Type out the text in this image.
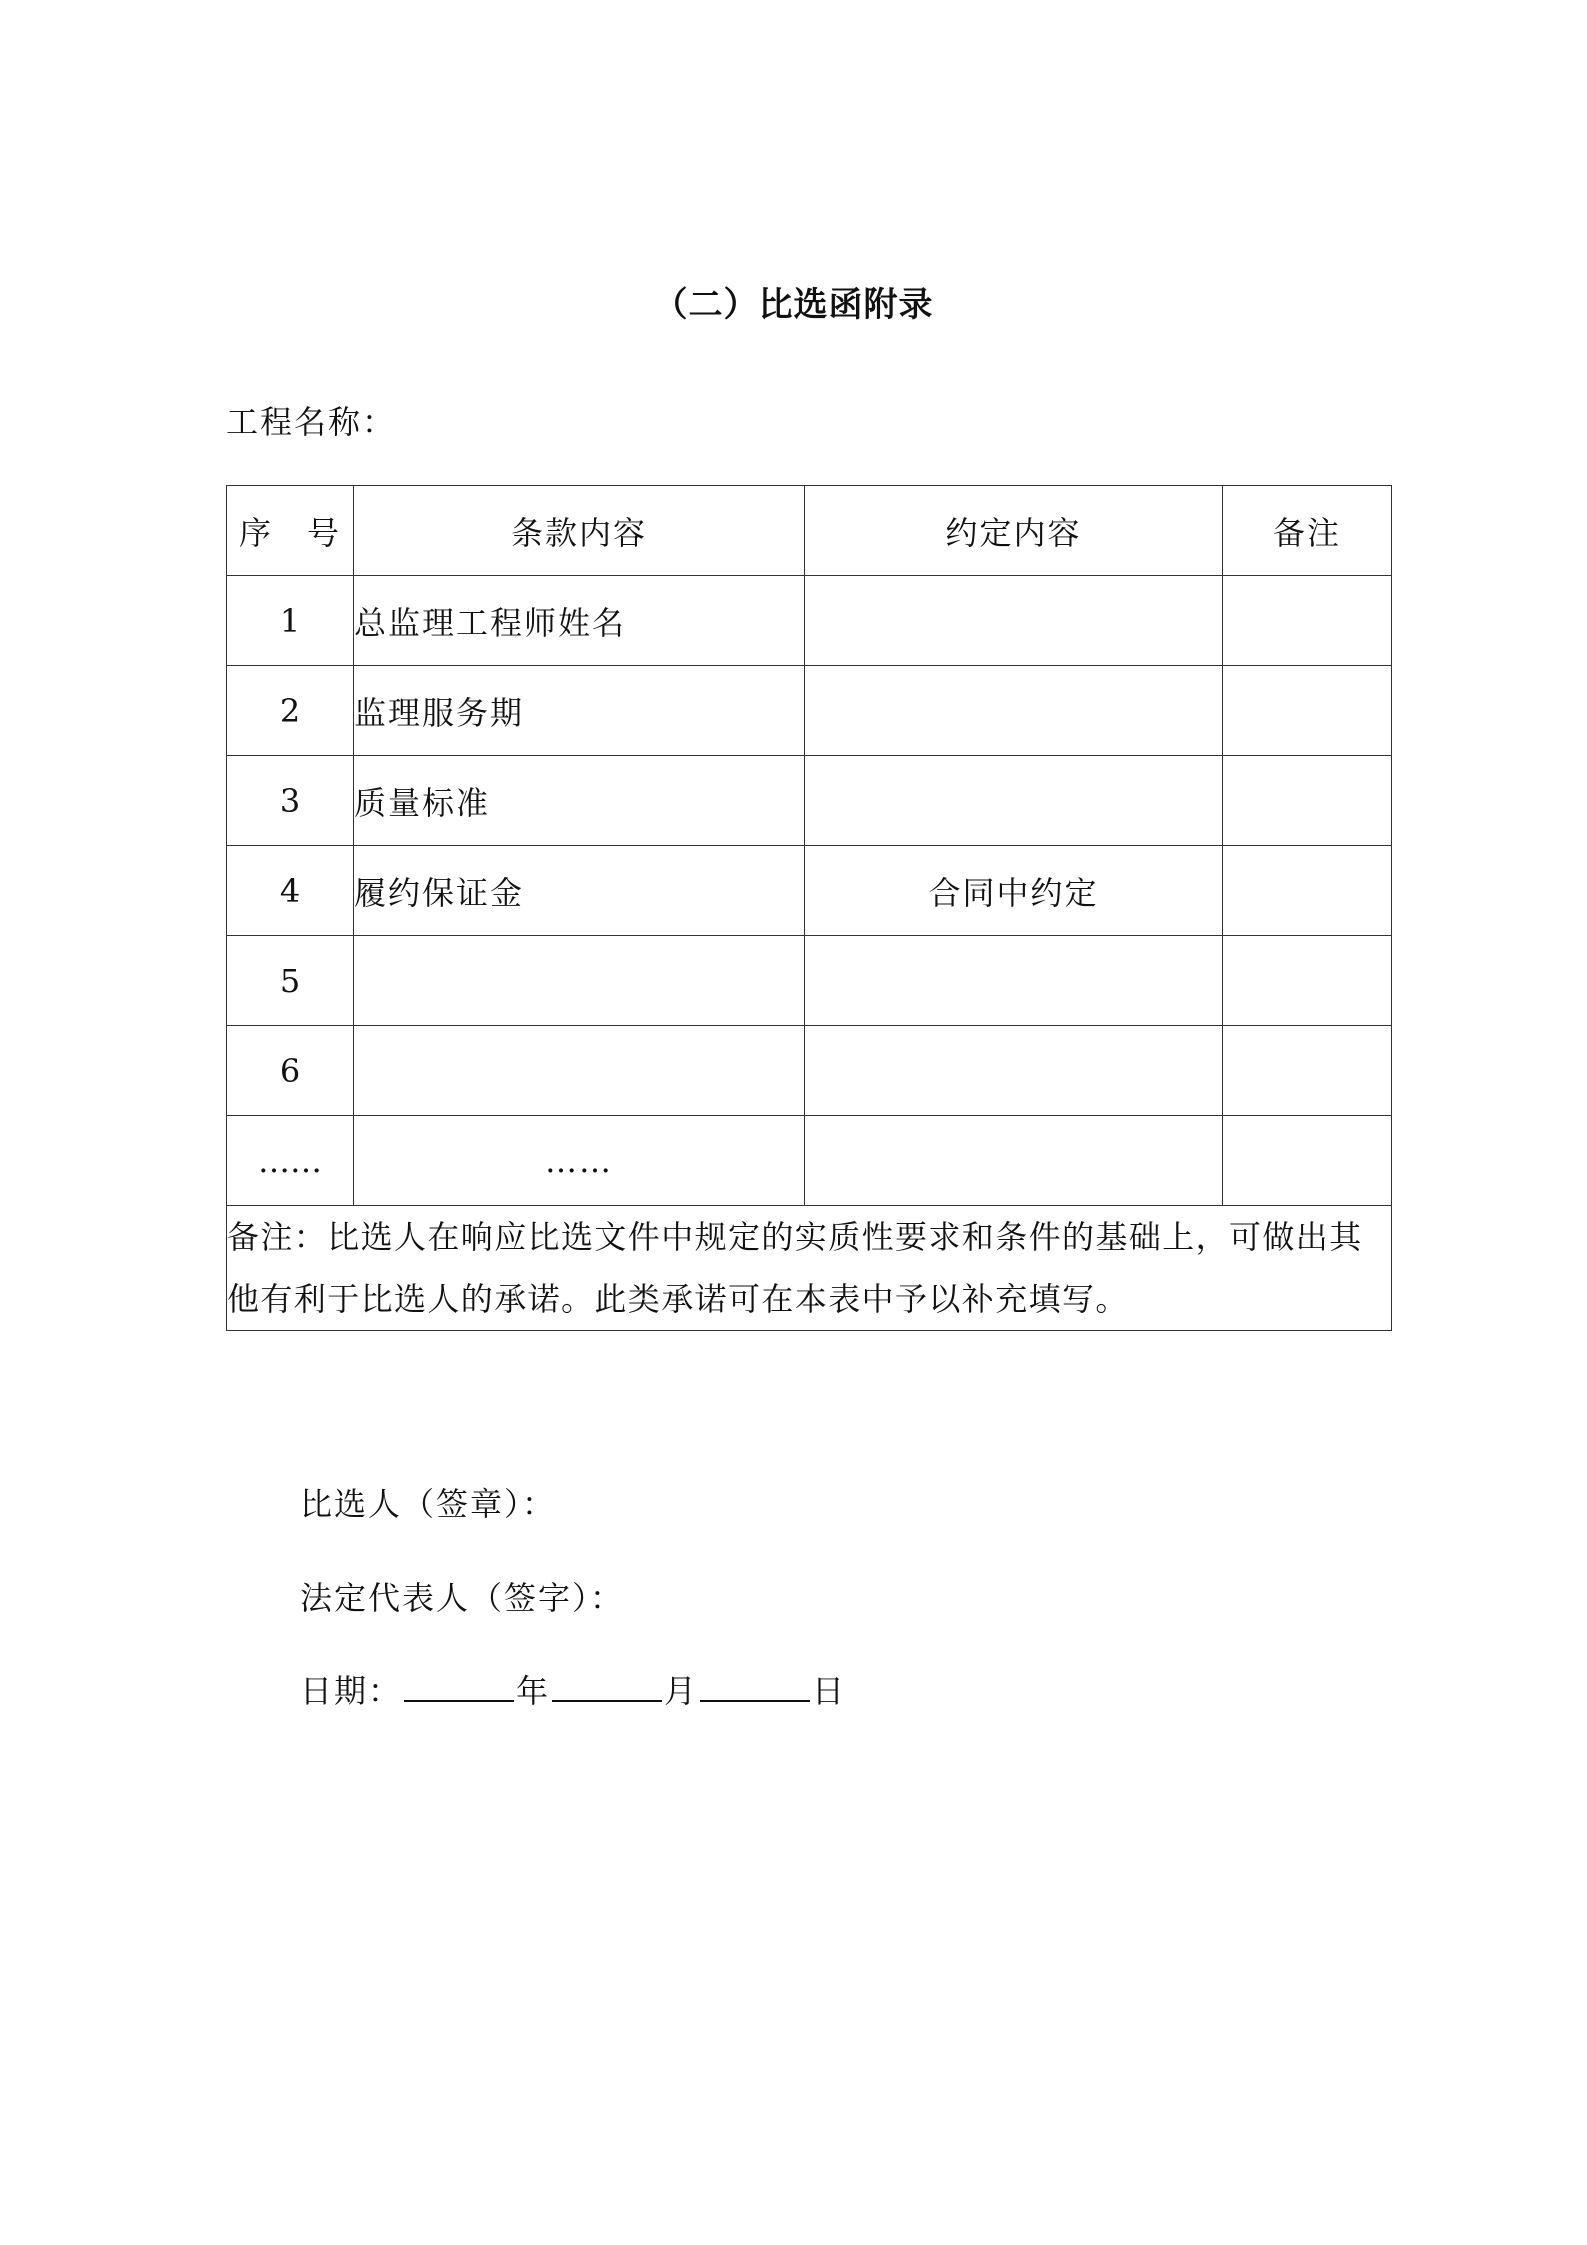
（二）比选函附录
工程名称：
序　号	条款内容	约定内容	备注
1	总监理工程师姓名		
2	监理服务期		
3	质量标准		
4	履约保证金	合同中约定	
5			
6			
……	……		
备注：比选人在响应比选文件中规定的实质性要求和条件的基础上，可做出其他有利于比选人的承诺。此类承诺可在本表中予以补充填写。			
比选人（签章）：
法定代表人（签字）：
日期：	年	月	日
